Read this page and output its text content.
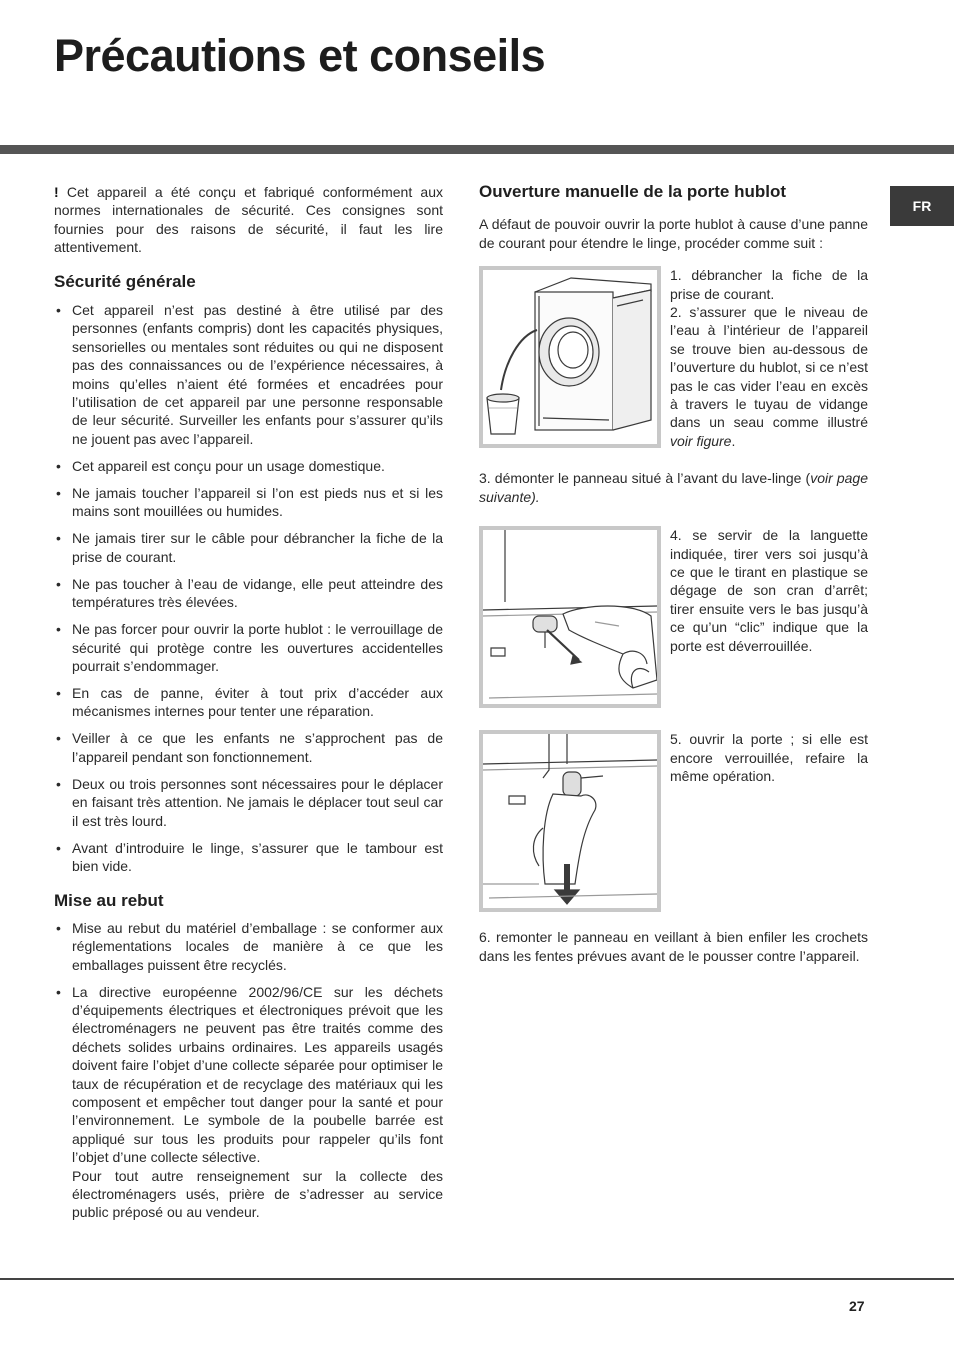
Précautions et conseils
FR

! Cet appareil a été conçu et fabriqué conformément aux normes internationales de sécurité. Ces consignes sont fournies pour des raisons de sécurité, il faut les lire attentivement.

Sécurité générale
• Cet appareil n’est pas destiné à être utilisé par des personnes (enfants compris) dont les capacités physiques, sensorielles ou mentales sont réduites ou qui ne disposent pas des connaissances ou de l’expérience nécessaires, à moins qu’elles n’aient été formées et encadrées pour l’utilisation de cet appareil par une personne responsable de leur sécurité. Surveiller les enfants pour s’assurer qu’ils ne jouent pas avec l’appareil.
• Cet appareil est conçu pour un usage domestique.
• Ne jamais toucher l’appareil si l’on est pieds nus et si les mains sont mouillées ou humides.
• Ne jamais tirer sur le câble pour débrancher la fiche de la prise de courant.
• Ne pas toucher à l’eau de vidange, elle peut atteindre des températures très élevées.
• Ne pas forcer pour ouvrir la porte hublot : le verrouillage de sécurité qui protège contre les ouvertures accidentelles pourrait s’endommager.
• En cas de panne, éviter à tout prix d’accéder aux mécanismes internes pour tenter une réparation.
• Veiller à ce que les enfants ne s’approchent pas de l’appareil pendant son fonctionnement.
• Deux ou trois personnes sont nécessaires pour le déplacer en faisant très attention. Ne jamais le déplacer tout seul car il est très lourd.
• Avant d’introduire le linge, s’assurer que le tambour est bien vide.
Mise au rebut
• Mise au rebut du matériel d’emballage : se conformer aux réglementations locales de manière à ce que les emballages puissent être recyclés.
• La directive européenne 2002/96/CE sur les déchets d’équipements électriques et électroniques prévoit que les électroménagers ne peuvent pas être traités comme des déchets solides urbains ordinaires. Les appareils usagés doivent faire l’objet d’une collecte séparée pour optimiser le taux de récupération et de recyclage des matériaux qui les composent et empêcher tout danger pour la santé et pour l’environnement. Le symbole de la poubelle barrée est appliqué sur tous les produits pour rappeler qu’ils font l’objet d’une collecte sélective.
Pour tout autre renseignement sur la collecte des électroménagers usés, prière de s’adresser au service public préposé ou au vendeur.
Ouverture manuelle de la porte hublot

A défaut de pouvoir ouvrir la porte hublot à cause d’une panne de courant pour étendre le linge, procéder comme suit :

1. débrancher la fiche de la prise de courant.

2. s’assurer que le niveau de l’eau à l’intérieur de l’appareil se trouve bien au-dessous de l’ouverture du hublot, si ce n’est pas le cas vider l’eau en excès à travers le tuyau de vidange dans un seau comme illustré voir figure.

3. démonter le panneau situé à l’avant du lave-linge (voir page suivante).

4. se servir de la languette indiquée, tirer vers soi jusqu’à ce que le tirant en plastique se dégage de son cran d’arrêt; tirer ensuite vers le bas jusqu’à ce qu’un “clic” indique que la porte est déverrouillée.

5. ouvrir la porte ; si elle est encore verrouillée, refaire la même opération.

6. remonter le panneau en veillant à bien enfiler les crochets dans les fentes prévues avant de le pousser contre l’appareil.

27
